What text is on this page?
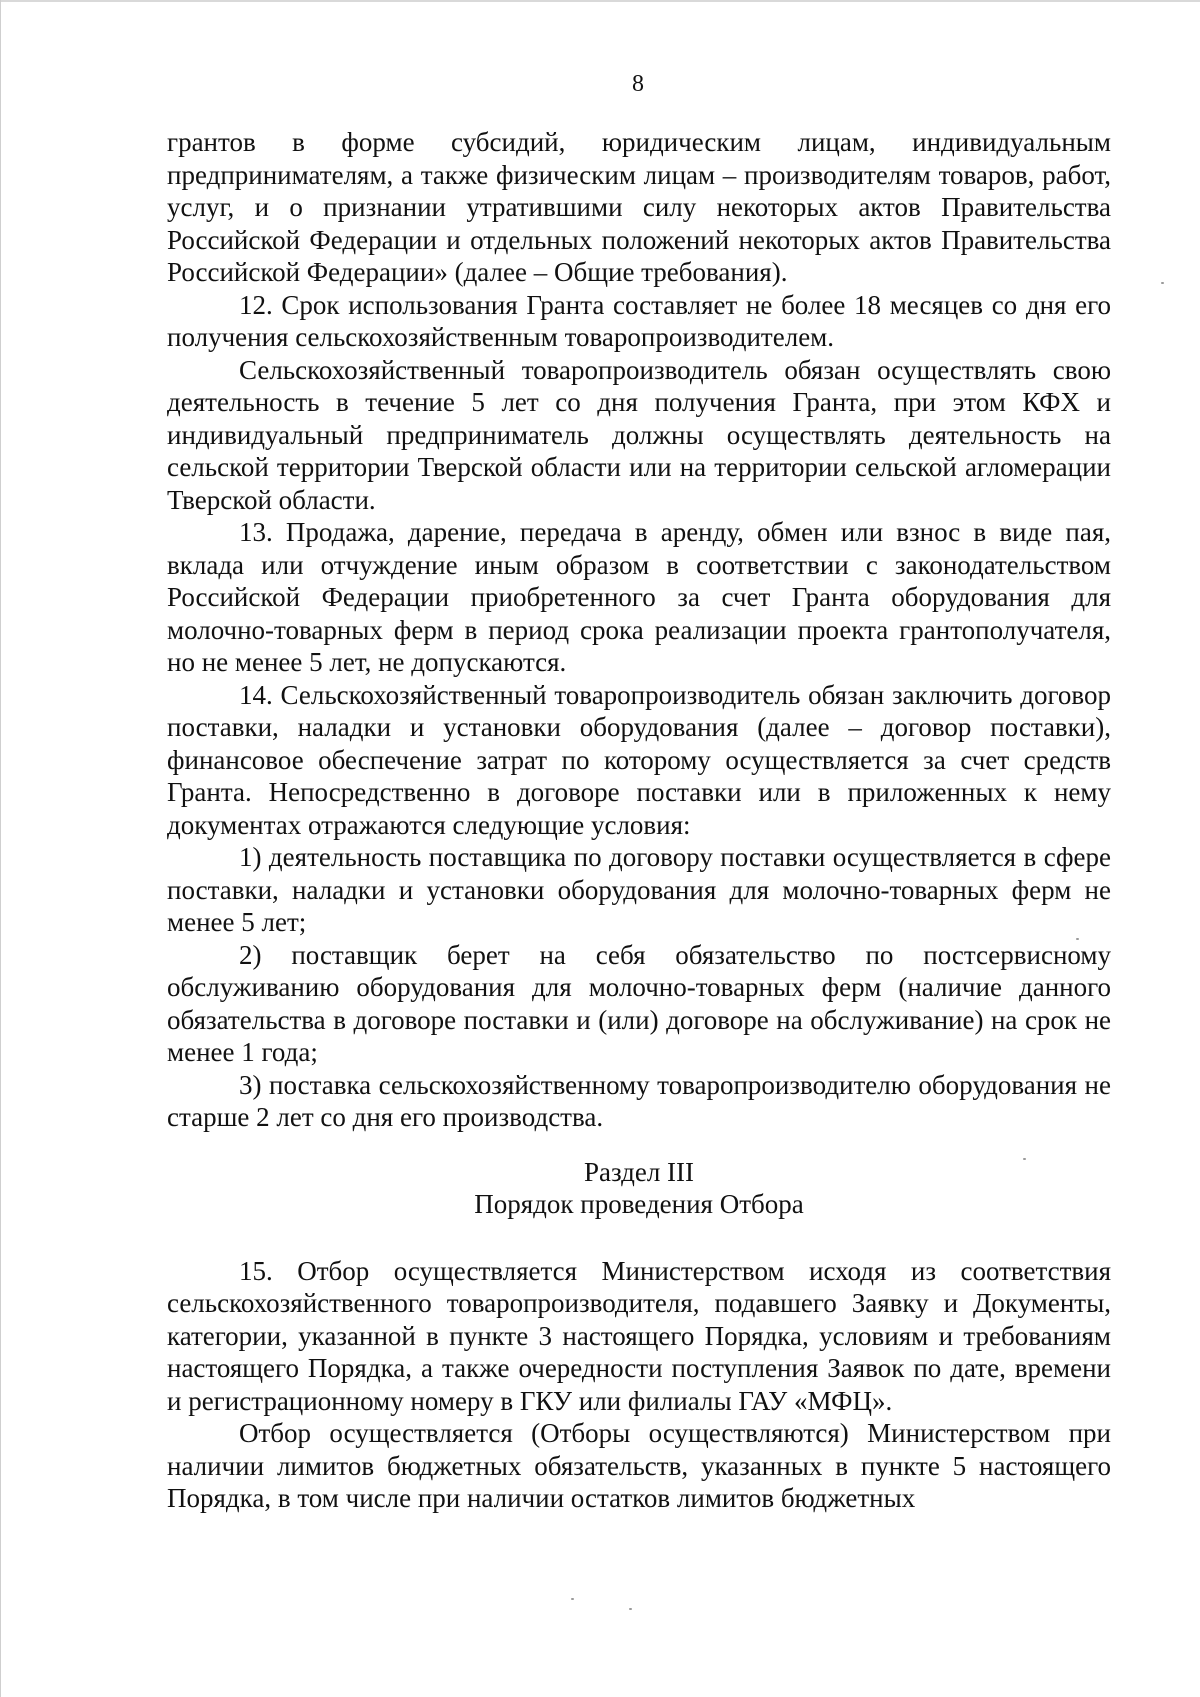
8

грантов в форме субсидий, юридическим лицам, индивидуальным предпринимателям, а также физическим лицам – производителям товаров, работ, услуг, и о признании утратившими силу некоторых актов Правительства Российской Федерации и отдельных положений некоторых актов Правительства Российской Федерации» (далее – Общие требования).

12. Срок использования Гранта составляет не более 18 месяцев со дня его получения сельскохозяйственным товаропроизводителем.

Сельскохозяйственный товаропроизводитель обязан осуществлять свою деятельность в течение 5 лет со дня получения Гранта, при этом КФХ и индивидуальный предприниматель должны осуществлять деятельность на сельской территории Тверской области или на территории сельской агломерации Тверской области.

13. Продажа, дарение, передача в аренду, обмен или взнос в виде пая, вклада или отчуждение иным образом в соответствии с законодательством Российской Федерации приобретенного за счет Гранта оборудования для молочно-товарных ферм в период срока реализации проекта грантополучателя, но не менее 5 лет, не допускаются.

14. Сельскохозяйственный товаропроизводитель обязан заключить договор поставки, наладки и установки оборудования (далее – договор поставки), финансовое обеспечение затрат по которому осуществляется за счет средств Гранта. Непосредственно в договоре поставки или в приложенных к нему документах отражаются следующие условия:

1) деятельность поставщика по договору поставки осуществляется в сфере поставки, наладки и установки оборудования для молочно-товарных ферм не менее 5 лет;

2) поставщик берет на себя обязательство по постсервисному обслуживанию оборудования для молочно-товарных ферм (наличие данного обязательства в договоре поставки и (или) договоре на обслуживание) на срок не менее 1 года;

3) поставка сельскохозяйственному товаропроизводителю оборудования не старше 2 лет со дня его производства.

Раздел III
Порядок проведения Отбора

15. Отбор осуществляется Министерством исходя из соответствия сельскохозяйственного товаропроизводителя, подавшего Заявку и Документы, категории, указанной в пункте 3 настоящего Порядка, условиям и требованиям настоящего Порядка, а также очередности поступления Заявок по дате, времени и регистрационному номеру в ГКУ или филиалы ГАУ «МФЦ».

Отбор осуществляется (Отборы осуществляются) Министерством при наличии лимитов бюджетных обязательств, указанных в пункте 5 настоящего Порядка, в том числе при наличии остатков лимитов бюджетных
